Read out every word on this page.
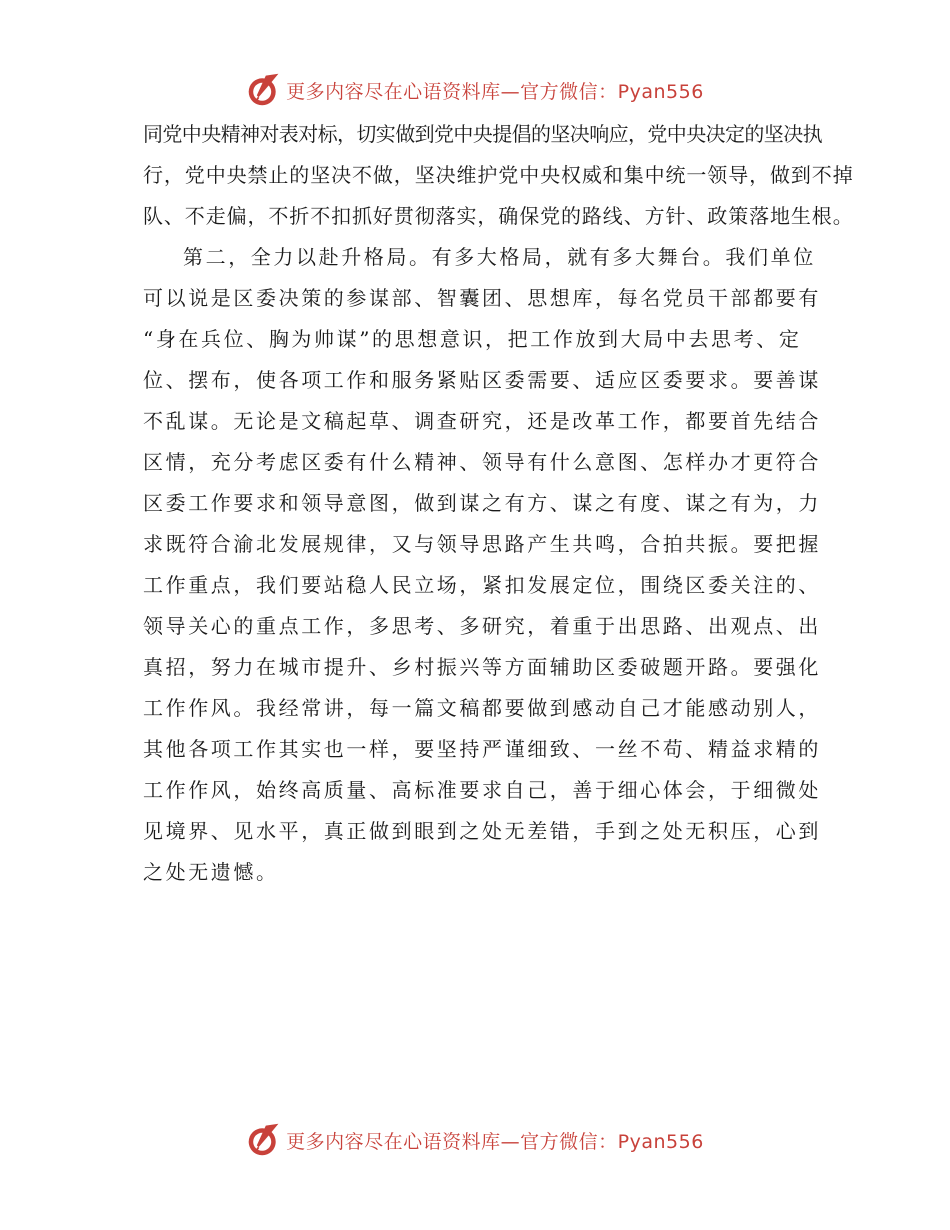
更多内容尽在心语资料库—官方微信：Pyan556
同党中央精神对表对标，切实做到党中央提倡的坚决响应，党中央决定的坚决执
行，党中央禁止的坚决不做，坚决维护党中央权威和集中统一领导，做到不掉
队、不走偏，不折不扣抓好贯彻落实，确保党的路线、方针、政策落地生根。
第二，全力以赴升格局。有多大格局，就有多大舞台。我们单位
可以说是区委决策的参谋部、智囊团、思想库，每名党员干部都要有
“身在兵位、胸为帅谋”的思想意识，把工作放到大局中去思考、定
位、摆布，使各项工作和服务紧贴区委需要、适应区委要求。要善谋
不乱谋。无论是文稿起草、调查研究，还是改革工作，都要首先结合
区情，充分考虑区委有什么精神、领导有什么意图、怎样办才更符合
区委工作要求和领导意图，做到谋之有方、谋之有度、谋之有为，力
求既符合渝北发展规律，又与领导思路产生共鸣，合拍共振。要把握
工作重点，我们要站稳人民立场，紧扣发展定位，围绕区委关注的、
领导关心的重点工作，多思考、多研究，着重于出思路、出观点、出
真招，努力在城市提升、乡村振兴等方面辅助区委破题开路。要强化
工作作风。我经常讲，每一篇文稿都要做到感动自己才能感动别人，
其他各项工作其实也一样，要坚持严谨细致、一丝不苟、精益求精的
工作作风，始终高质量、高标准要求自己，善于细心体会，于细微处
见境界、见水平，真正做到眼到之处无差错，手到之处无积压，心到
之处无遗憾。
更多内容尽在心语资料库—官方微信：Pyan556
